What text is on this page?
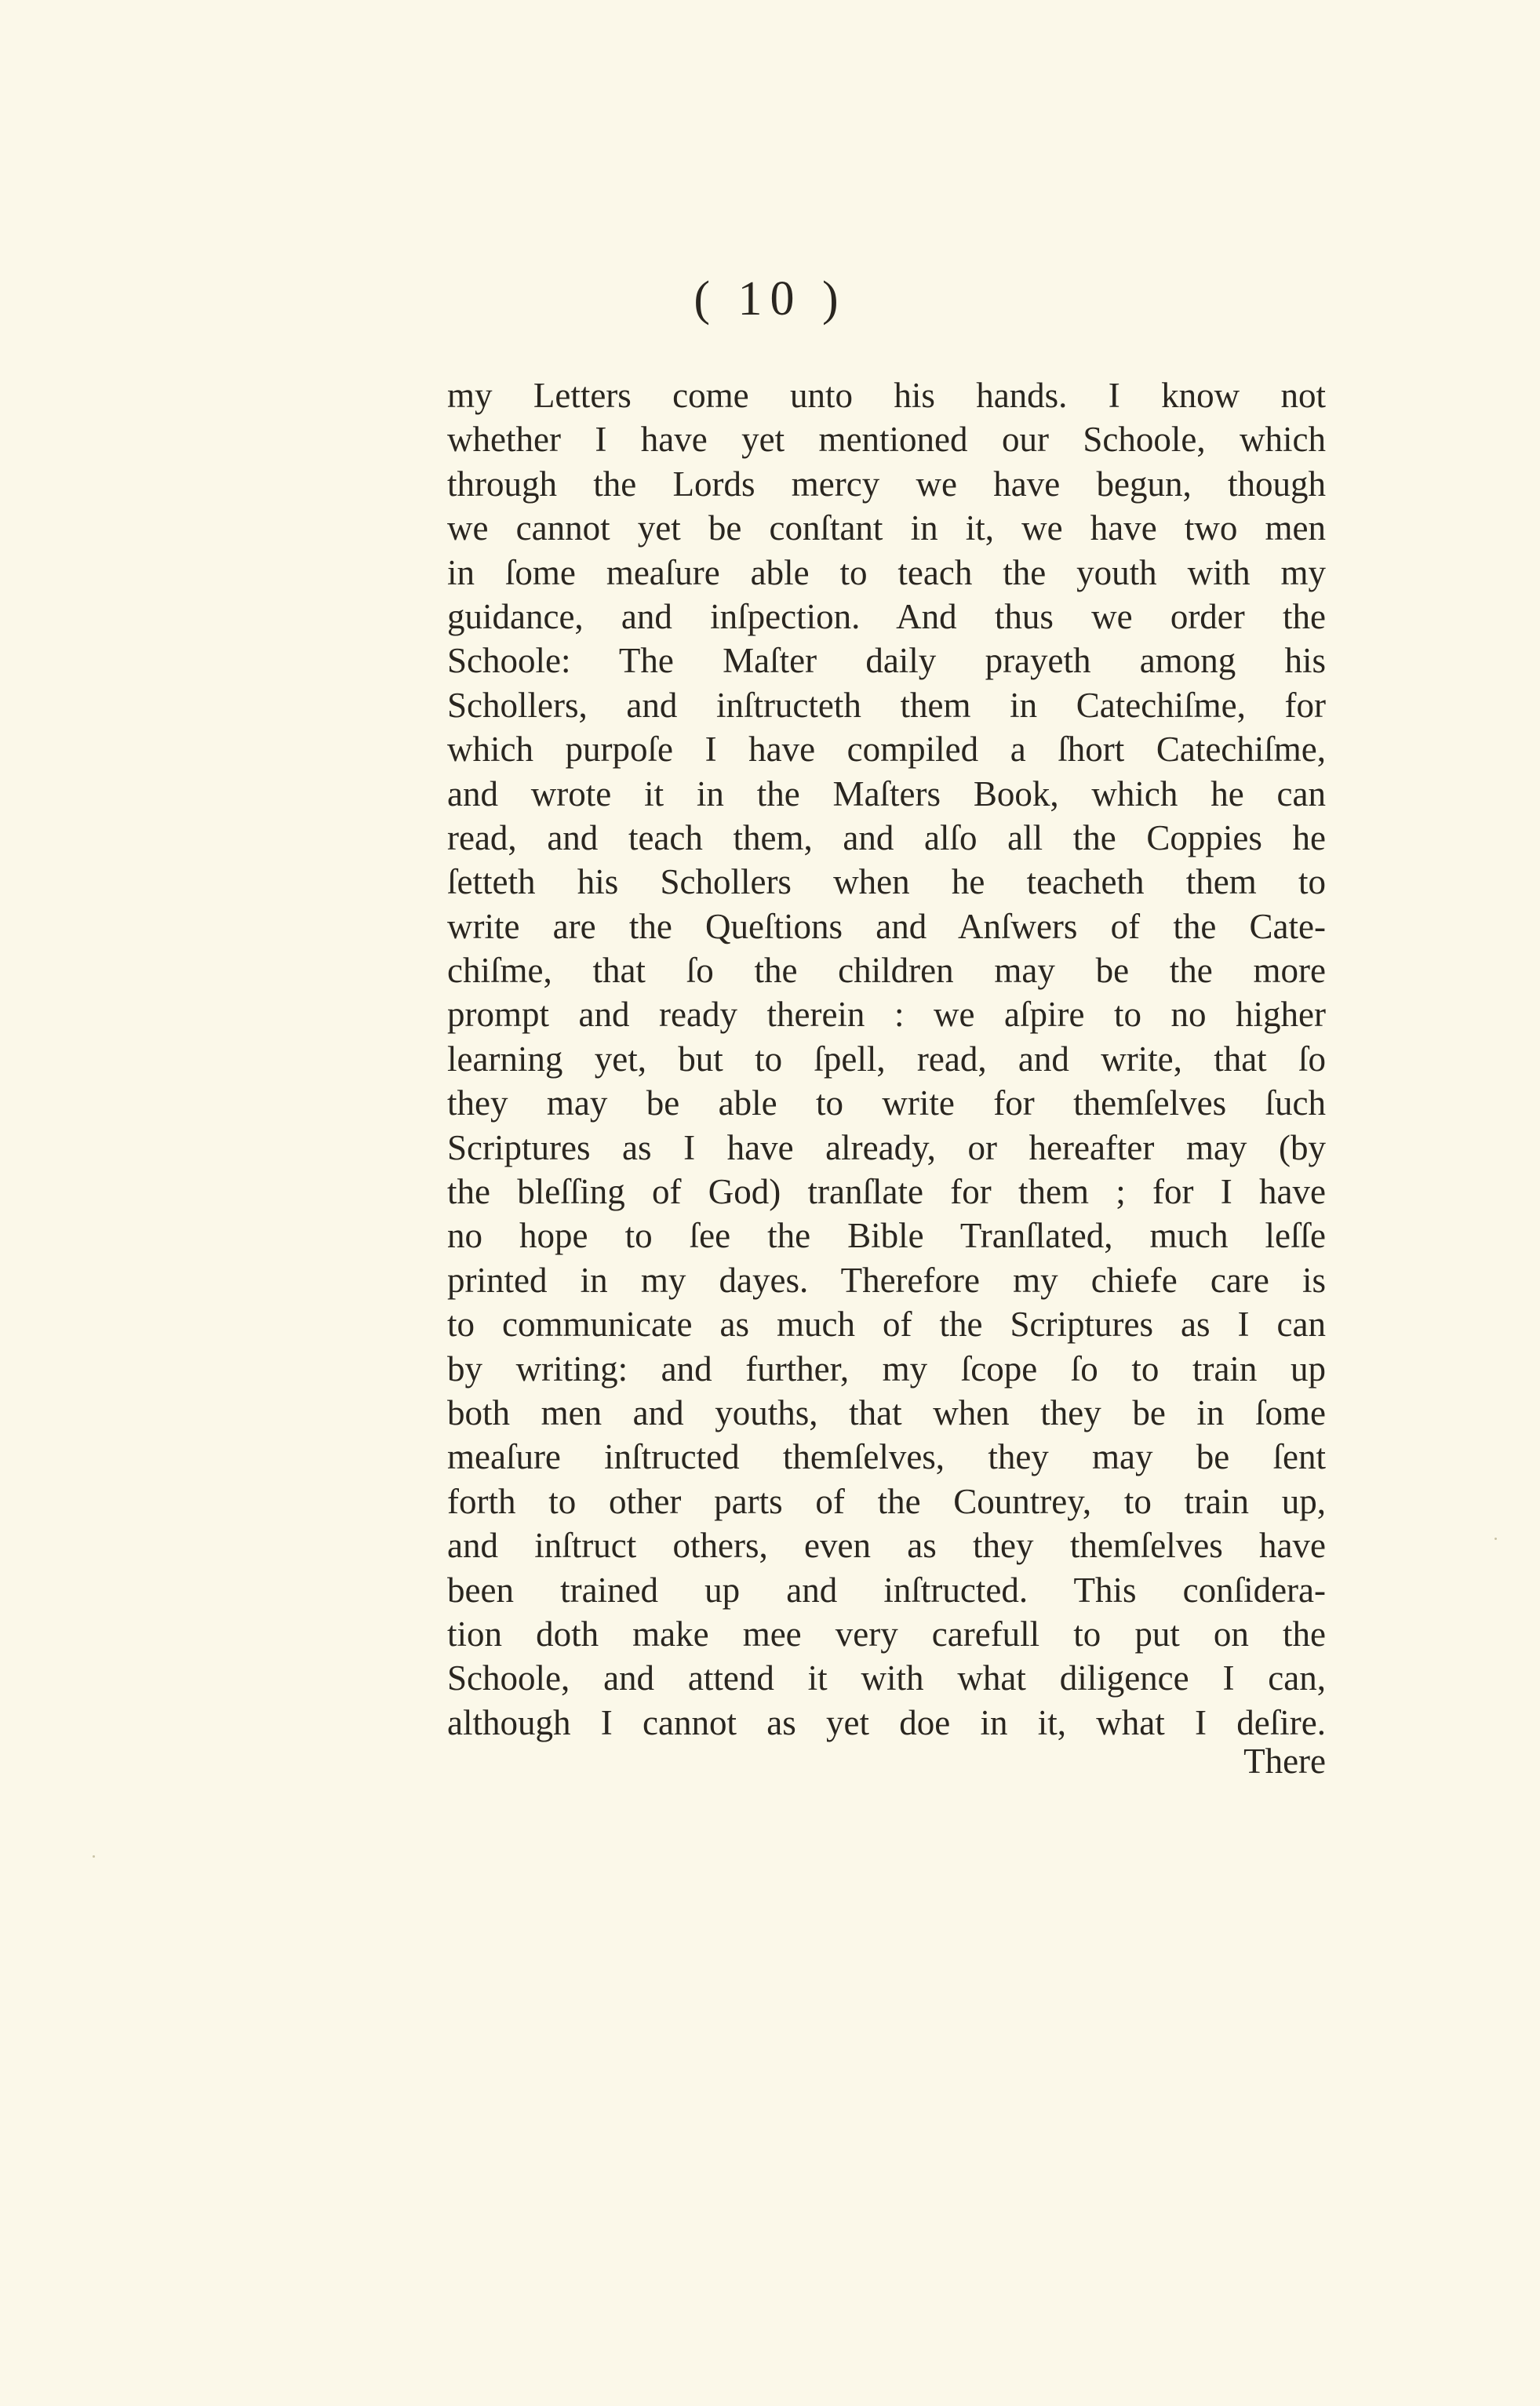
( 10 )
my Letters come unto his hands. I know not
whether I have yet mentioned our Schoole, which
through the Lords mercy we have begun, though
we cannot yet be conſtant in it, we have two men
in ſome meaſure able to teach the youth with my
guidance, and inſpection. And thus we order the
Schoole: The Maſter daily prayeth among his
Schollers, and inſtructeth them in Catechiſme, for
which purpoſe I have compiled a ſhort Catechiſme,
and wrote it in the Maſters Book, which he can
read, and teach them, and alſo all the Coppies he
ſetteth his Schollers when he teacheth them to
write are the Queſtions and Anſwers of the Cate-
chiſme, that ſo the children may be the more
prompt and ready therein : we aſpire to no higher
learning yet, but to ſpell, read, and write, that ſo
they may be able to write for themſelves ſuch
Scriptures as I have already, or hereafter may (by
the bleſſing of God) tranſlate for them ; for I have
no hope to ſee the Bible Tranſlated, much leſſe
printed in my dayes. Therefore my chiefe care is
to communicate as much of the Scriptures as I can
by writing: and further, my ſcope ſo to train up
both men and youths, that when they be in ſome
meaſure inſtructed themſelves, they may be ſent
forth to other parts of the Countrey, to train up,
and inſtruct others, even as they themſelves have
been trained up and inſtructed. This conſidera-
tion doth make mee very carefull to put on the
Schoole, and attend it with what diligence I can,
although I cannot as yet doe in it, what I deſire.
There
